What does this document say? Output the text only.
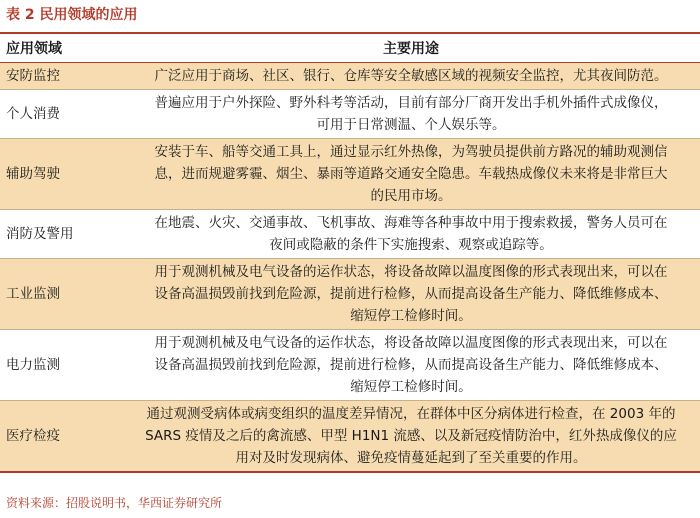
表 2 民用领域的应用
应用领域	主要用途
安防监控	广泛应用于商场、社区、银行、仓库等安全敏感区域的视频安全监控，尤其夜间防范。

个人消费	普遍应用于户外探险、野外科考等活动，目前有部分厂商开发出手机外插件式成像仪，
可用于日常测温、个人娱乐等。

辅助驾驶	安装于车、船等交通工具上，通过显示红外热像，为驾驶员提供前方路况的辅助观测信
息，进而规避雾霾、烟尘、暴雨等道路交通安全隐患。车载热成像仪未来将是非常巨大
的民用市场。

消防及警用	在地震、火灾、交通事故、飞机事故、海难等各种事故中用于搜索救援，警务人员可在
夜间或隐蔽的条件下实施搜索、观察或追踪等。

工业监测	用于观测机械及电气设备的运作状态，将设备故障以温度图像的形式表现出来，可以在
设备高温损毁前找到危险源，提前进行检修，从而提高设备生产能力、降低维修成本、
缩短停工检修时间。

电力监测	用于观测机械及电气设备的运作状态，将设备故障以温度图像的形式表现出来，可以在
设备高温损毁前找到危险源，提前进行检修，从而提高设备生产能力、降低维修成本、
缩短停工检修时间。

医疗检疫	通过观测受病体或病变组织的温度差异情况，在群体中区分病体进行检查，在 2003 年的
SARS 疫情及之后的禽流感、甲型 H1N1 流感、以及新冠疫情防治中，红外热成像仪的应
用对及时发现病体、避免疫情蔓延起到了至关重要的作用。
资料来源：招股说明书，华西证券研究所
